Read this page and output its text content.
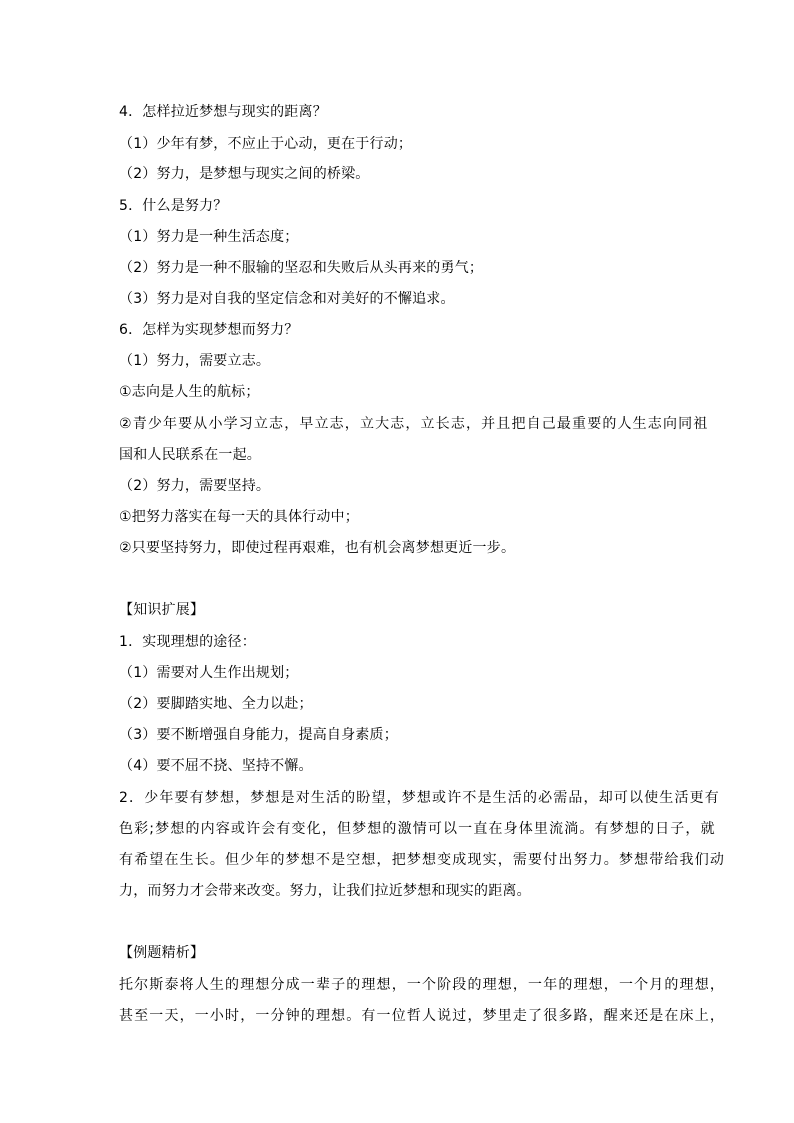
4．怎样拉近梦想与现实的距离？
（1）少年有梦，不应止于心动，更在于行动；
（2）努力，是梦想与现实之间的桥梁。
5．什么是努力？
（1）努力是一种生活态度；
（2）努力是一种不服输的坚忍和失败后从头再来的勇气；
（3）努力是对自我的坚定信念和对美好的不懈追求。
6．怎样为实现梦想而努力？
（1）努力，需要立志。
①志向是人生的航标；
②青少年要从小学习立志，早立志，立大志，立长志，并且把自己最重要的人生志向同祖
国和人民联系在一起。
（2）努力，需要坚持。
①把努力落实在每一天的具体行动中；
②只要坚持努力，即使过程再艰难，也有机会离梦想更近一步。
【知识扩展】
1．实现理想的途径：
（1）需要对人生作出规划；
（2）要脚踏实地、全力以赴；
（3）要不断增强自身能力，提高自身素质；
（4）要不屈不挠、坚持不懈。
2．少年要有梦想，梦想是对生活的盼望，梦想或许不是生活的必需品，却可以使生活更有
色彩;梦想的内容或许会有变化，但梦想的激情可以一直在身体里流淌。有梦想的日子，就
有希望在生长。但少年的梦想不是空想，把梦想变成现实，需要付出努力。梦想带给我们动
力，而努力才会带来改变。努力，让我们拉近梦想和现实的距离。
【例题精析】
托尔斯泰将人生的理想分成一辈子的理想，一个阶段的理想，一年的理想，一个月的理想，
甚至一天，一小时，一分钟的理想。有一位哲人说过，梦里走了很多路，醒来还是在床上，
